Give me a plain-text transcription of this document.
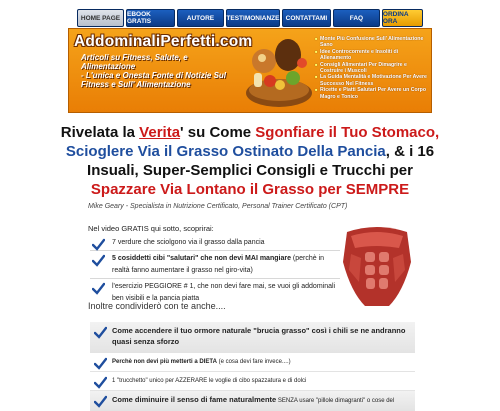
HOME PAGE	EBOOK GRATIS	AUTORE	TESTIMONIANZE CONTATTAMI	FAQ	ORDINA ORA
AddominaliPerfetti.com
Articoli su Fitness, Salute, e Alimentazione
- L'unica e Onesta Fonte di Notizie Sul Fitness e Sull' Alimentazione
■ Monte Più Confusione Sull' Alimentazione Sano
■ Idee Controcorrente e Insoliti di Allenamento
■ Consigli Alimentari Per Dimagrire e Costruire i Muscoli
■ La Guida Mentalità e Motivazione Per Avere Successo Nel Fitness
■ Ricette e Piatti Salutari Per Avere un Corpo Magro e Tonico
Rivelata la Verita' su Come Sgonfiare il Tuo Stomaco, Scioglere Via il Grasso Ostinato Della Pancia, & i 16 Insuali, Super-Semplici Consigli e Trucchi per Spazzare Via Lontano il Grasso per SEMPRE
Mike Geary - Specialista in Nutrizione Certificato, Personal Trainer Certificato (CPT)
Nel video GRATIS qui sotto, scoprirai:
7 verdure che sciolgono via il grasso dalla pancia
5 cosiddetti cibi "salutari" che non devi MAI mangiare (perchè in realtà fanno aumentare il grasso nel giro-vita)
l'esercizio PEGGIORE # 1, che non devi fare mai, se vuoi gli addominali ben visibili e la pancia piatta
Inoltre condividerò con te anche....
Come accendere il tuo ormore naturale "brucia grasso" così i chili se ne andranno quasi senza sforzo
Perchè non devi più metterti a DIETA (e cosa devi fare invece....)
1 "trucchetto" unico per AZZERARE le voglie di cibo spazzatura e di dolci
Come diminuire il senso di fame naturalmente SENZA usare "pillole dimagranti" o cose del
